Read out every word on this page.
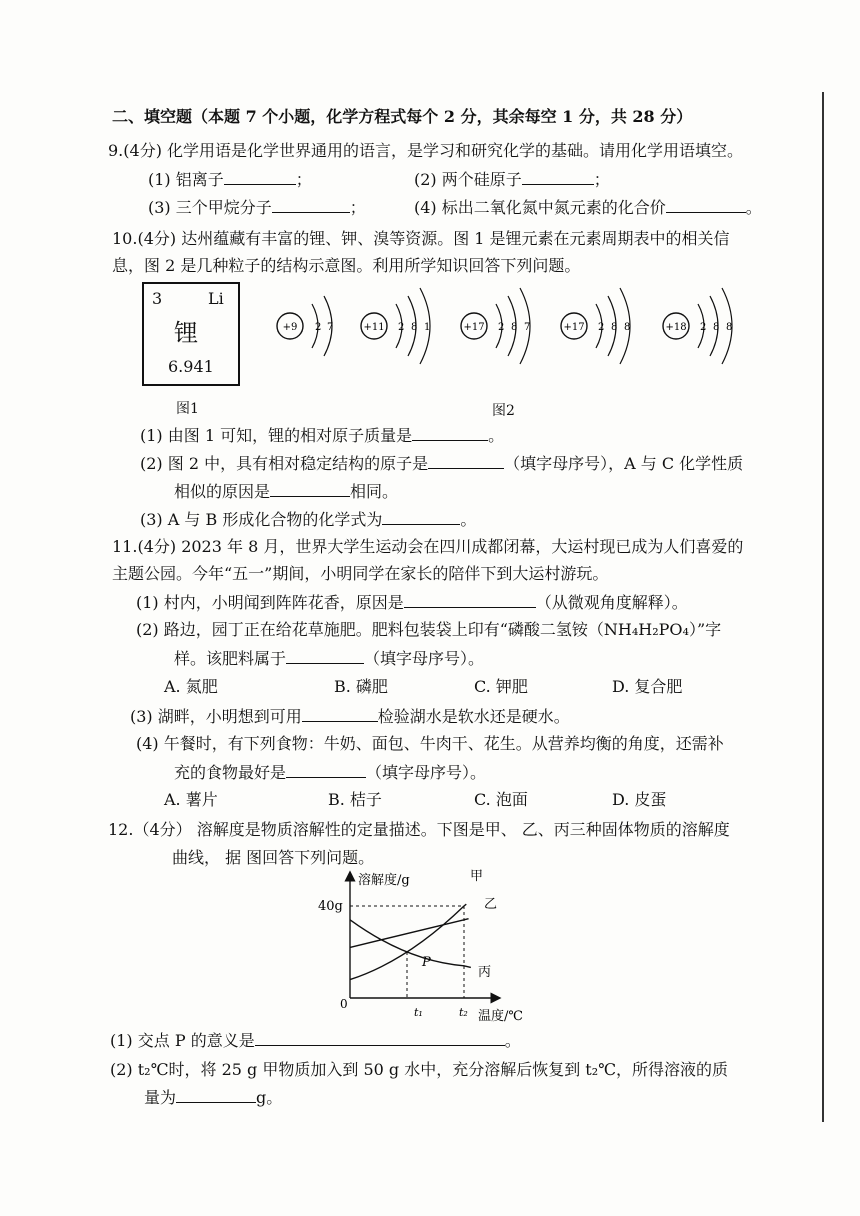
二、填空题（本题 7 个小题，化学方程式每个 2 分，其余每空 1 分，共 28 分）
9.(4分) 化学用语是化学世界通用的语言，是学习和研究化学的基础。请用化学用语填空。
(1) 铝离子	；	(2) 两个硅原子	；
(3) 三个甲烷分子	；	(4) 标出二氧化氮中氮元素的化合价	。
10.(4分) 达州蕴藏有丰富的锂、钾、溴等资源。图 1 是锂元素在元素周期表中的相关信
息，图 2 是几种粒子的结构示意图。利用所学知识回答下列问题。
3	Li
锂
6.941
图1
+9 2 7	+11 2 8 1	+17 2 8 7	+17 2 8 8	+18 2 8 8
图2
(1) 由图 1 可知，锂的相对原子质量是	。
(2) 图 2 中，具有相对稳定结构的原子是	（填字母序号），A 与 C 化学性质
相似的原因是	相同。
(3) A 与 B 形成化合物的化学式为	。
11.(4分) 2023 年 8 月，世界大学生运动会在四川成都闭幕，大运村现已成为人们喜爱的
主题公园。今年“五一”期间，小明同学在家长的陪伴下到大运村游玩。
(1) 村内，小明闻到阵阵花香，原因是	（从微观角度解释）。
(2) 路边，园丁正在给花草施肥。肥料包装袋上印有“磷酸二氢铵（NH₄H₂PO₄）”字
样。该肥料属于	（填字母序号）。
A. 氮肥	B. 磷肥	C. 钾肥	D. 复合肥
(3) 湖畔，小明想到可用	检验湖水是软水还是硬水。
(4) 午餐时，有下列食物：牛奶、面包、牛肉干、花生。从营养均衡的角度，还需补
充的食物最好是	（填字母序号）。
A. 薯片	B. 桔子	C. 泡面	D. 皮蛋
12.（4分） 溶解度是物质溶解性的定量描述。下图是甲、 乙、丙三种固体物质的溶解度
曲线， 据 图回答下列问题。
溶解度/g
40g
0
t₁	t₂ 温度/℃
P
甲
乙
丙
(1) 交点 P 的意义是	。
(2) t₂℃时，将 25 g 甲物质加入到 50 g 水中，充分溶解后恢复到 t₂℃，所得溶液的质
量为	g。
